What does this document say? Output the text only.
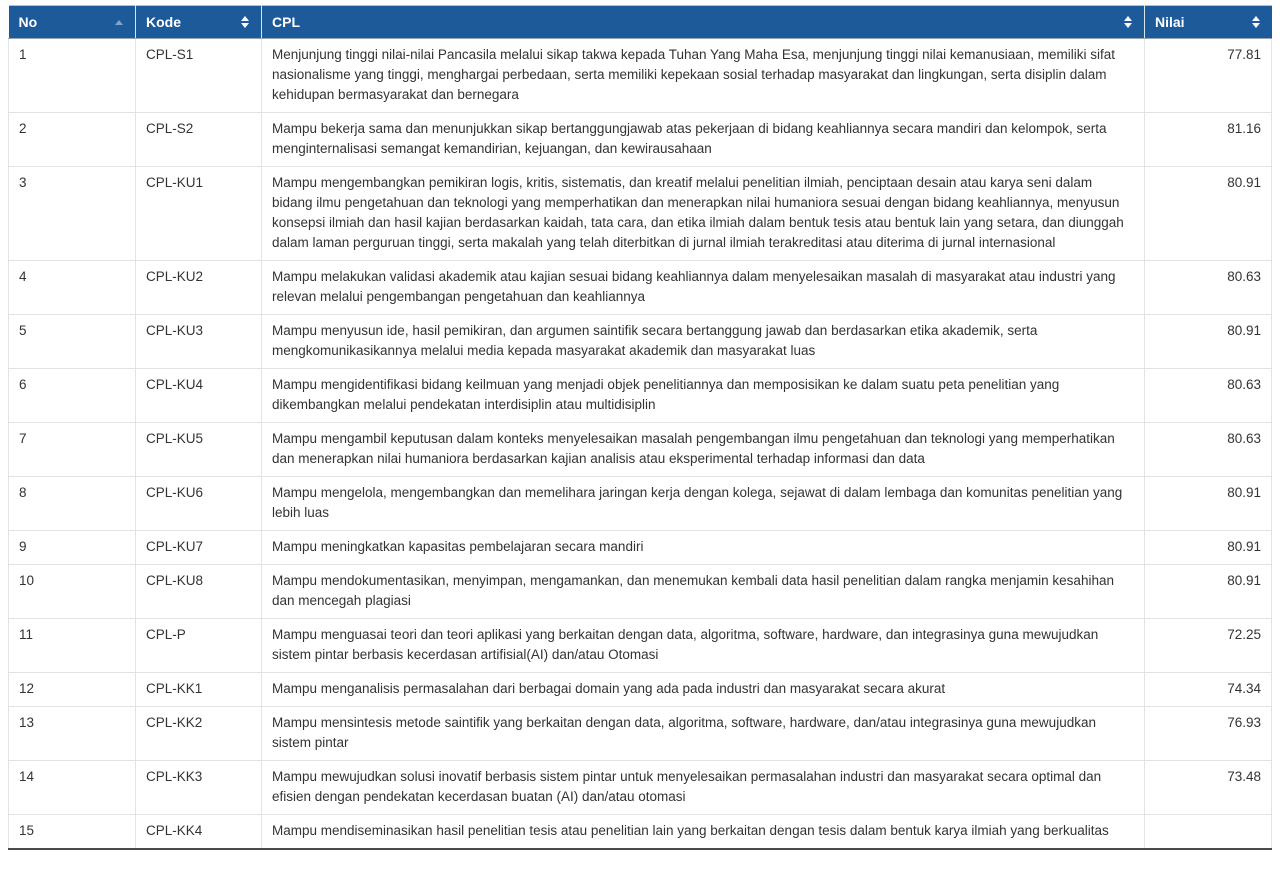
No	Kode	CPL	Nilai

1	CPL-S1	Menjunjung tinggi nilai-nilai Pancasila melalui sikap takwa kepada Tuhan Yang Maha Esa, menjunjung tinggi nilai kemanusiaan, memiliki sifat nasionalisme yang tinggi, menghargai perbedaan, serta memiliki kepekaan sosial terhadap masyarakat dan lingkungan, serta disiplin dalam kehidupan bermasyarakat dan bernegara	77.81
2	CPL-S2	Mampu bekerja sama dan menunjukkan sikap bertanggungjawab atas pekerjaan di bidang keahliannya secara mandiri dan kelompok, serta menginternalisasi semangat kemandirian, kejuangan, dan kewirausahaan	81.16
3	CPL-KU1	Mampu mengembangkan pemikiran logis, kritis, sistematis, dan kreatif melalui penelitian ilmiah, penciptaan desain atau karya seni dalam bidang ilmu pengetahuan dan teknologi yang memperhatikan dan menerapkan nilai humaniora sesuai dengan bidang keahliannya, menyusun konsepsi ilmiah dan hasil kajian berdasarkan kaidah, tata cara, dan etika ilmiah dalam bentuk tesis atau bentuk lain yang setara, dan diunggah dalam laman perguruan tinggi, serta makalah yang telah diterbitkan di jurnal ilmiah terakreditasi atau diterima di jurnal internasional	80.91
4	CPL-KU2	Mampu melakukan validasi akademik atau kajian sesuai bidang keahliannya dalam menyelesaikan masalah di masyarakat atau industri yang relevan melalui pengembangan pengetahuan dan keahliannya	80.63
5	CPL-KU3	Mampu menyusun ide, hasil pemikiran, dan argumen saintifik secara bertanggung jawab dan berdasarkan etika akademik, serta mengkomunikasikannya melalui media kepada masyarakat akademik dan masyarakat luas	80.91
6	CPL-KU4	Mampu mengidentifikasi bidang keilmuan yang menjadi objek penelitiannya dan memposisikan ke dalam suatu peta penelitian yang dikembangkan melalui pendekatan interdisiplin atau multidisiplin	80.63
7	CPL-KU5	Mampu mengambil keputusan dalam konteks menyelesaikan masalah pengembangan ilmu pengetahuan dan teknologi yang memperhatikan dan menerapkan nilai humaniora berdasarkan kajian analisis atau eksperimental terhadap informasi dan data	80.63
8	CPL-KU6	Mampu mengelola, mengembangkan dan memelihara jaringan kerja dengan kolega, sejawat di dalam lembaga dan komunitas penelitian yang lebih luas	80.91
9	CPL-KU7	Mampu meningkatkan kapasitas pembelajaran secara mandiri	80.91
10	CPL-KU8	Mampu mendokumentasikan, menyimpan, mengamankan, dan menemukan kembali data hasil penelitian dalam rangka menjamin kesahihan dan mencegah plagiasi	80.91
11	CPL-P	Mampu menguasai teori dan teori aplikasi yang berkaitan dengan data, algoritma, software, hardware, dan integrasinya guna mewujudkan sistem pintar berbasis kecerdasan artifisial(AI) dan/atau Otomasi	72.25
12	CPL-KK1	Mampu menganalisis permasalahan dari berbagai domain yang ada pada industri dan masyarakat secara akurat	74.34
13	CPL-KK2	Mampu mensintesis metode saintifik yang berkaitan dengan data, algoritma, software, hardware, dan/atau integrasinya guna mewujudkan sistem pintar	76.93
14	CPL-KK3	Mampu mewujudkan solusi inovatif berbasis sistem pintar untuk menyelesaikan permasalahan industri dan masyarakat secara optimal dan efisien dengan pendekatan kecerdasan buatan (AI) dan/atau otomasi	73.48
15	CPL-KK4	Mampu mendiseminasikan hasil penelitian tesis atau penelitian lain yang berkaitan dengan tesis dalam bentuk karya ilmiah yang berkualitas	
